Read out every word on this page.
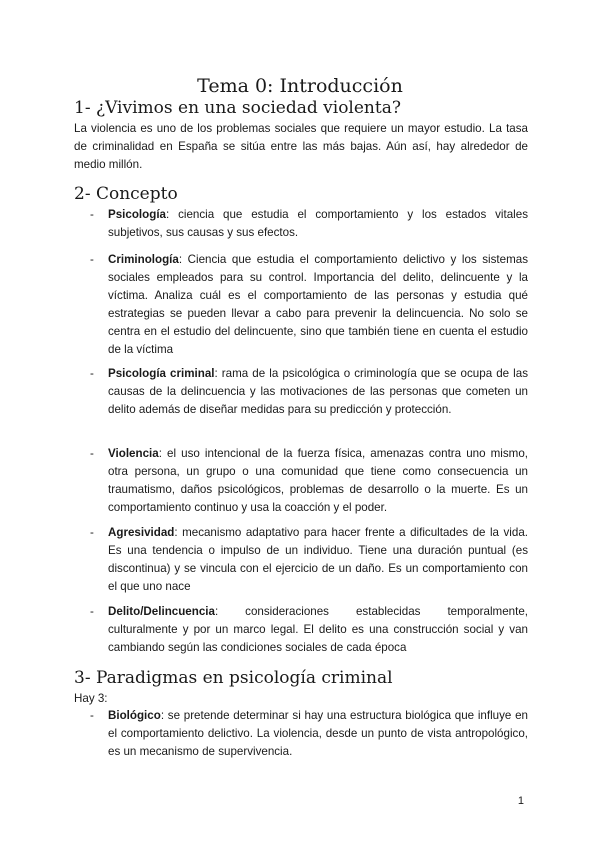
Tema 0: Introducción
1- ¿Vivimos en una sociedad violenta?

La violencia es uno de los problemas sociales que requiere un mayor estudio. La tasa de criminalidad en España se sitúa entre las más bajas. Aún así, hay alrededor de medio millón.

2- Concepto
- Psicología: ciencia que estudia el comportamiento y los estados vitales subjetivos, sus causas y sus efectos.
- Criminología: Ciencia que estudia el comportamiento delictivo y los sistemas sociales empleados para su control. Importancia del delito, delincuente y la víctima. Analiza cuál es el comportamiento de las personas y estudia qué estrategias se pueden llevar a cabo para prevenir la delincuencia. No solo se centra en el estudio del delincuente, sino que también tiene en cuenta el estudio de la víctima
- Psicología criminal: rama de la psicológica o criminología que se ocupa de las causas de la delincuencia y las motivaciones de las personas que cometen un delito además de diseñar medidas para su predicción y protección.
- Violencia: el uso intencional de la fuerza física, amenazas contra uno mismo, otra persona, un grupo o una comunidad que tiene como consecuencia un traumatismo, daños psicológicos, problemas de desarrollo o la muerte. Es un comportamiento continuo y usa la coacción y el poder.
- Agresividad: mecanismo adaptativo para hacer frente a dificultades de la vida. Es una tendencia o impulso de un individuo. Tiene una duración puntual (es discontinua) y se vincula con el ejercicio de un daño. Es un comportamiento con el que uno nace
- Delito/Delincuencia: consideraciones establecidas temporalmente, culturalmente y por un marco legal. El delito es una construcción social y van cambiando según las condiciones sociales de cada época
3- Paradigmas en psicología criminal

Hay 3:

- Biológico: se pretende determinar si hay una estructura biológica que influye en el comportamiento delictivo. La violencia, desde un punto de vista antropológico, es un mecanismo de supervivencia.
1
